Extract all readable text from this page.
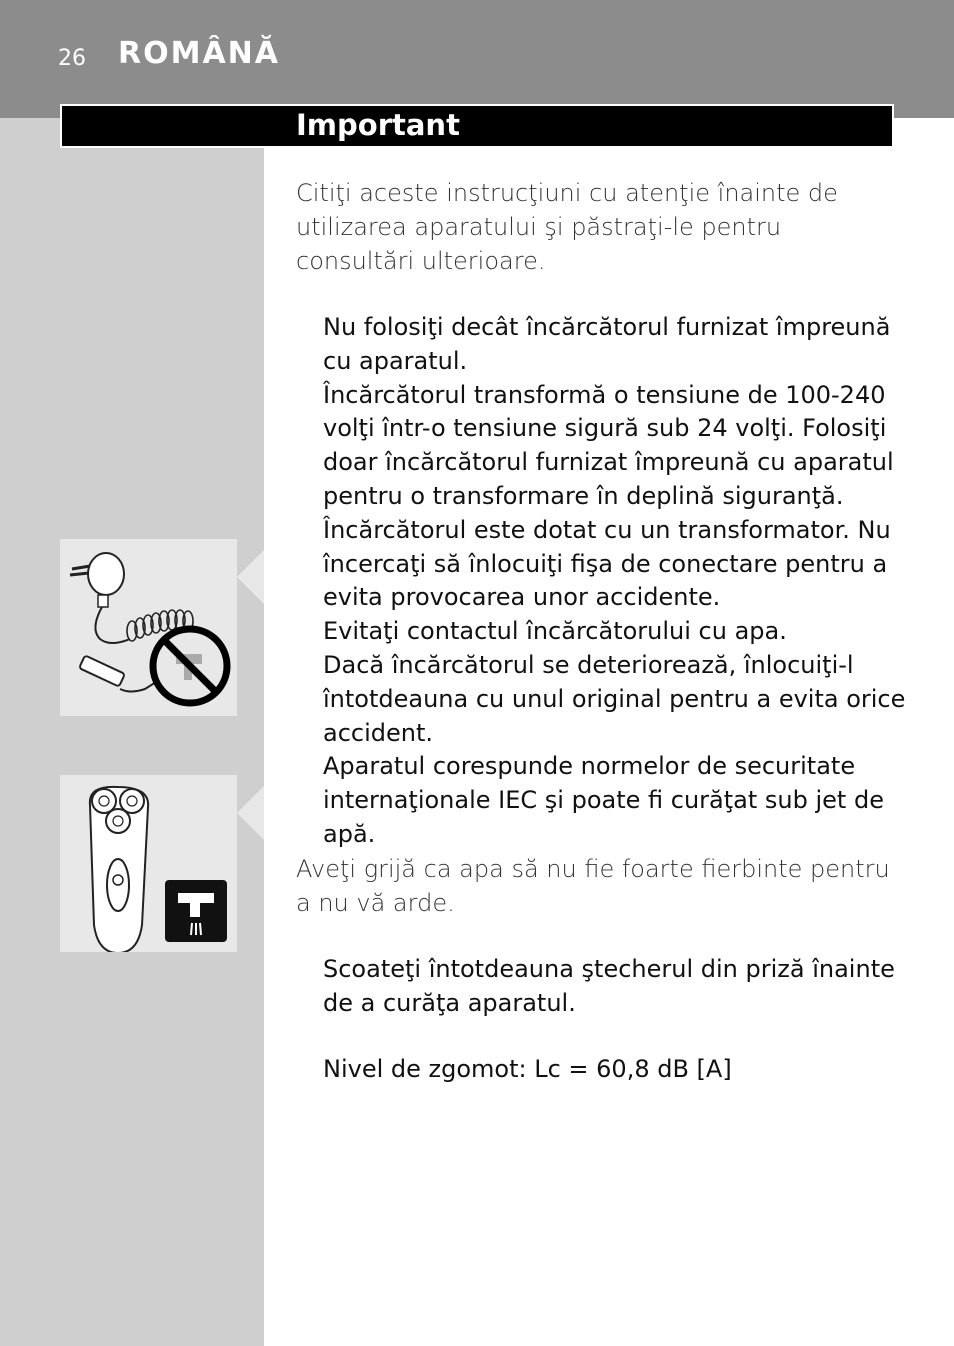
26 ROMÂNĂ
Important

Citiţi aceste instrucţiuni cu atenţie înainte de utilizarea aparatului şi păstraţi-le pentru consultări ulterioare.

Nu folosiţi decât încărcătorul furnizat împreună cu aparatul.

Încărcătorul transformă o tensiune de 100-240 volţi într-o tensiune sigură sub 24 volţi. Folosiţi doar încărcătorul furnizat împreună cu aparatul pentru o transformare în deplină siguranţă.

Încărcătorul este dotat cu un transformator. Nu încercaţi să înlocuiţi fişa de conectare pentru a evita provocarea unor accidente.

Evitaţi contactul încărcătorului cu apa.

Dacă încărcătorul se deteriorează, înlocuiţi-l întotdeauna cu unul original pentru a evita orice accident.

Aparatul corespunde normelor de securitate internaţionale IEC şi poate fi curăţat sub jet de apă.

Aveţi grijă ca apa să nu fie foarte fierbinte pentru a nu vă arde.

Scoateţi întotdeauna ştecherul din priză înainte de a curăţa aparatul.

Nivel de zgomot: Lc = 60,8 dB [A]
